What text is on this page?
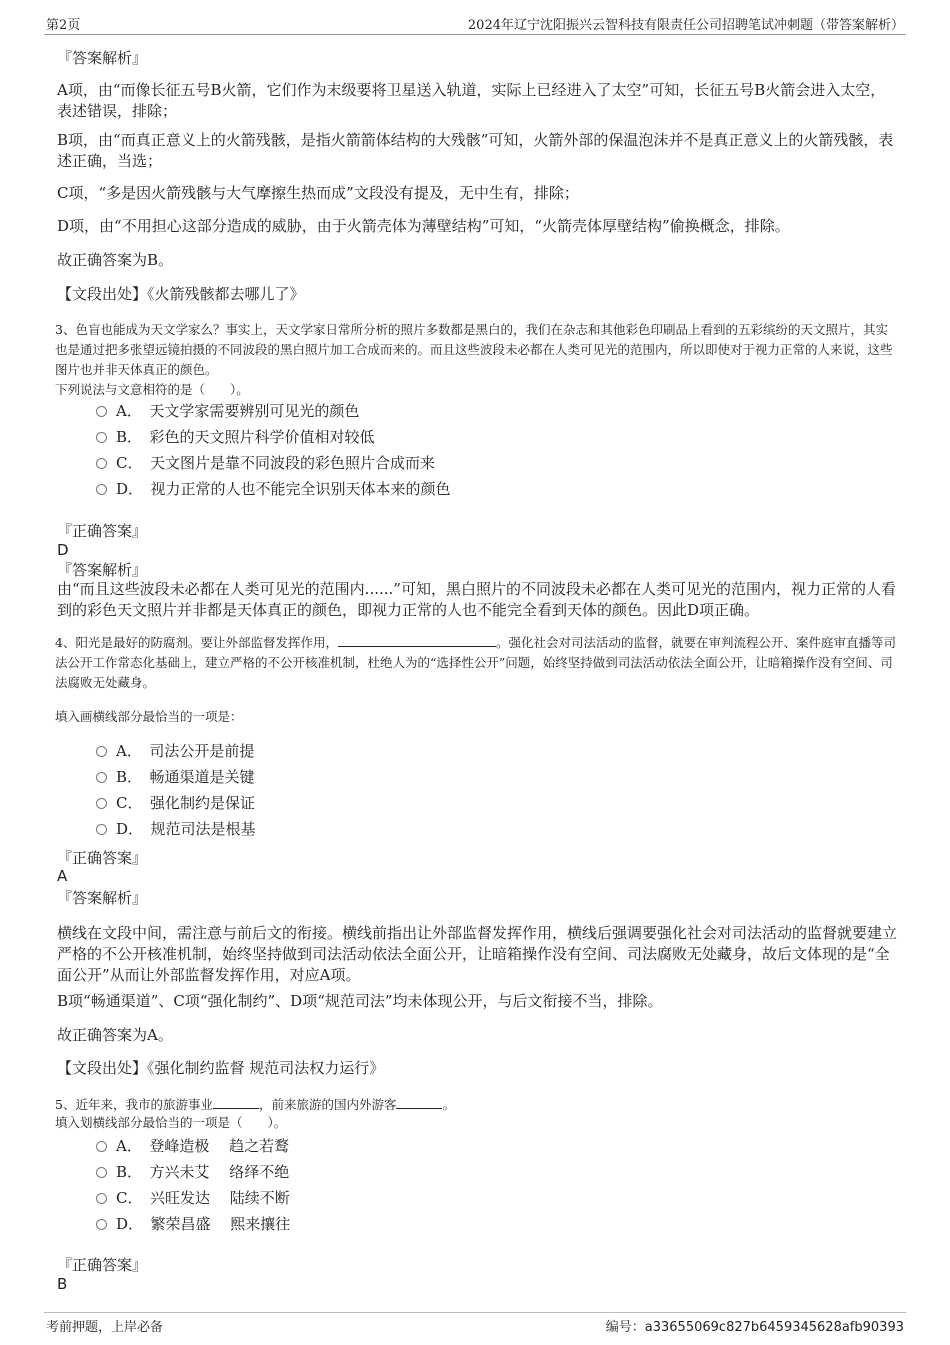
第2页	2024年辽宁沈阳振兴云智科技有限责任公司招聘笔试冲刺题（带答案解析）
『答案解析』
A项，由“而像长征五号B火箭，它们作为末级要将卫星送入轨道，实际上已经进入了太空”可知，长征五号B火箭会进入太空，表述错误，排除；
B项，由“而真正意义上的火箭残骸，是指火箭箭体结构的大残骸”可知，火箭外部的保温泡沫并不是真正意义上的火箭残骸，表述正确，当选；
C项，“多是因火箭残骸与大气摩擦生热而成”文段没有提及，无中生有，排除；
D项，由“不用担心这部分造成的威胁，由于火箭壳体为薄壁结构”可知，“火箭壳体厚壁结构”偷换概念，排除。
故正确答案为B。
【文段出处】《火箭残骸都去哪儿了》
3、色盲也能成为天文学家么？事实上，天文学家日常所分析的照片多数都是黑白的，我们在杂志和其他彩色印刷品上看到的五彩缤纷的天文照片，其实也是通过把多张望远镜拍摄的不同波段的黑白照片加工合成而来的。而且这些波段未必都在人类可见光的范围内，所以即使对于视力正常的人来说，这些图片也并非天体真正的颜色。
下列说法与文意相符的是（　　）。
A．　天文学家需要辨别可见光的颜色
B．　彩色的天文照片科学价值相对较低
C．　天文图片是靠不同波段的彩色照片合成而来
D．　视力正常的人也不能完全识别天体本来的颜色
『正确答案』
D
『答案解析』
由“而且这些波段未必都在人类可见光的范围内......”可知，黑白照片的不同波段未必都在人类可见光的范围内，视力正常的人看到的彩色天文照片并非都是天体真正的颜色，即视力正常的人也不能完全看到天体的颜色。因此D项正确。
4、阳光是最好的防腐剂。要让外部监督发挥作用，	。强化社会对司法活动的监督，就要在审判流程公开、案件庭审直播等司法公开工作常态化基础上，建立严格的不公开核准机制，杜绝人为的“选择性公开”问题，始终坚持做到司法活动依法全面公开，让暗箱操作没有空间、司法腐败无处藏身。
填入画横线部分最恰当的一项是：
A．　司法公开是前提
B．　畅通渠道是关键
C．　强化制约是保证
D．　规范司法是根基
『正确答案』
A
『答案解析』
横线在文段中间，需注意与前后文的衔接。横线前指出让外部监督发挥作用，横线后强调要强化社会对司法活动的监督就要建立严格的不公开核准机制，始终坚持做到司法活动依法全面公开，让暗箱操作没有空间、司法腐败无处藏身，故后文体现的是“全面公开”从而让外部监督发挥作用，对应A项。
B项“畅通渠道”、C项“强化制约”、D项“规范司法”均未体现公开，与后文衔接不当，排除。
故正确答案为A。
【文段出处】《强化制约监督 规范司法权力运行》
5、近年来，我市的旅游事业	，前来旅游的国内外游客	。
填入划横线部分最恰当的一项是（　　）。
A．　登峰造极　 趋之若鹜
B．　方兴未艾　 络绎不绝
C．　兴旺发达　 陆续不断
D．　繁荣昌盛　 熙来攘往
『正确答案』
B
考前押题，上岸必备	编号：a33655069c827b6459345628afb90393
